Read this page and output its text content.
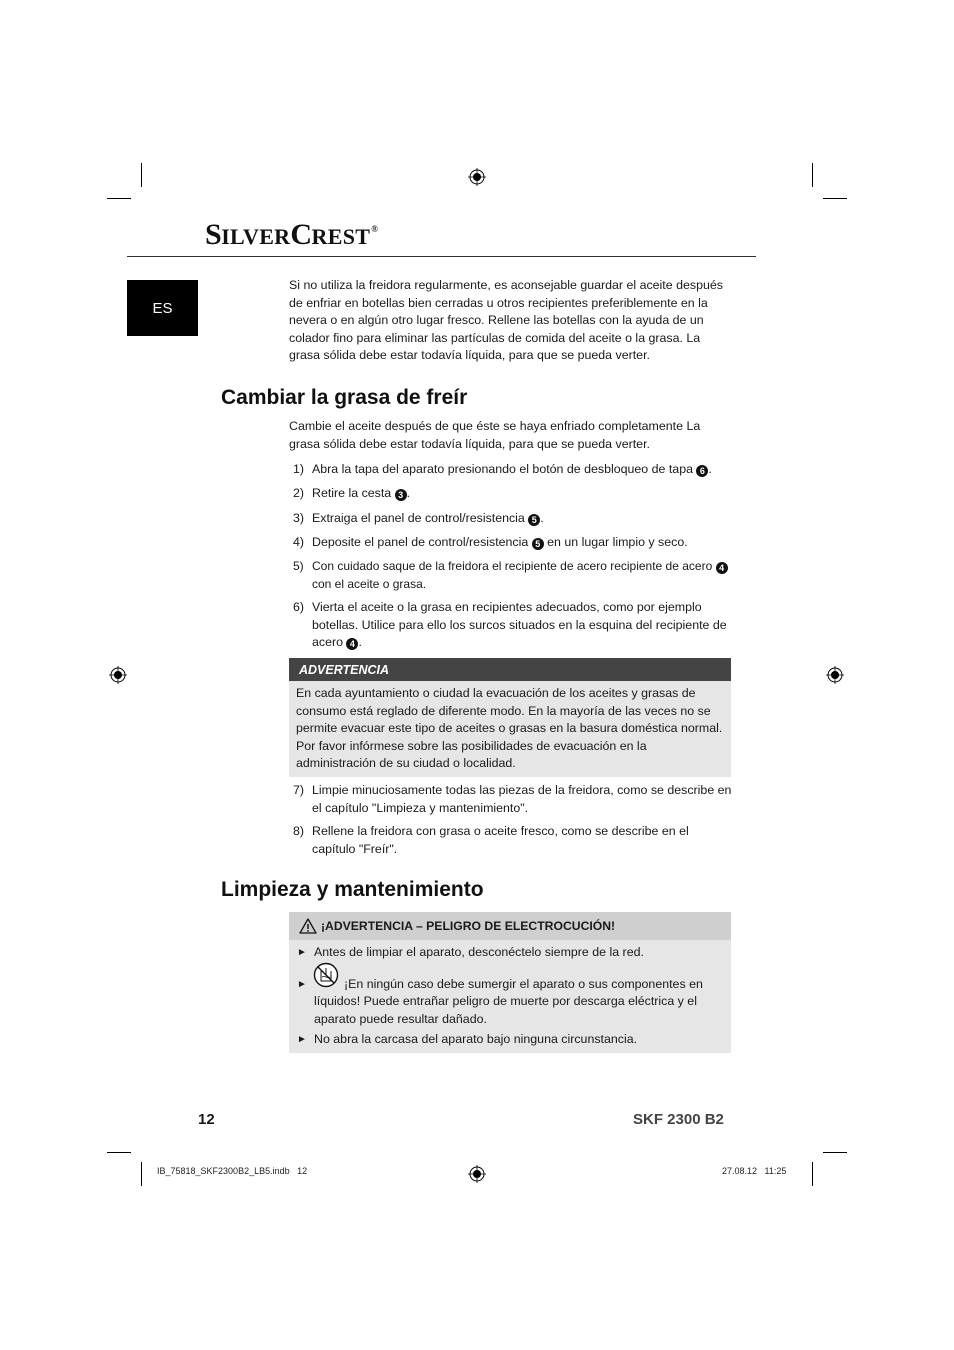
SILVERCREST®
ES
Si no utiliza la freidora regularmente, es aconsejable guardar el aceite después de enfriar en botellas bien cerradas u otros recipientes preferiblemente en la nevera o en algún otro lugar fresco. Rellene las botellas con la ayuda de un colador fino para eliminar las partículas de comida del aceite o la grasa. La grasa sólida debe estar todavía líquida, para que se pueda verter.
Cambiar la grasa de freír
Cambie el aceite después de que éste se haya enfriado completamente La grasa sólida debe estar todavía líquida, para que se pueda verter.
1) Abra la tapa del aparato presionando el botón de desbloqueo de tapa 6 .
2) Retire la cesta 3 .
3) Extraiga el panel de control/resistencia 5 .
4) Deposite el panel de control/resistencia 5 en un lugar limpio y seco.
5) Con cuidado saque de la freidora el recipiente de acero recipiente de acero 4 con el aceite o grasa.
6) Vierta el aceite o la grasa en recipientes adecuados, como por ejemplo botellas. Utilice para ello los surcos situados en la esquina del recipiente de acero 4 .
ADVERTENCIA
En cada ayuntamiento o ciudad la evacuación de los aceites y grasas de consumo está reglado de diferente modo. En la mayoría de las veces no se permite evacuar este tipo de aceites o grasas en la basura doméstica normal. Por favor infórmese sobre las posibilidades de evacuación en la administración de su ciudad o localidad.
7) Limpie minuciosamente todas las piezas de la freidora, como se describe en el capítulo "Limpieza y mantenimiento".
8) Rellene la freidora con grasa o aceite fresco, como se describe en el capítulo "Freír".
Limpieza y mantenimiento
¡ADVERTENCIA – PELIGRO DE ELECTROCUCIÓN!
► Antes de limpiar el aparato, desconéctelo siempre de la red.
►	¡En ningún caso debe sumergir el aparato o sus componentes en líquidos! Puede entrañar peligro de muerte por descarga eléctrica y el aparato puede resultar dañado.
► No abra la carcasa del aparato bajo ninguna circunstancia.
12	SKF 2300 B2
IB_75818_SKF2300B2_LB5.indb   12	27.08.12   11:25
